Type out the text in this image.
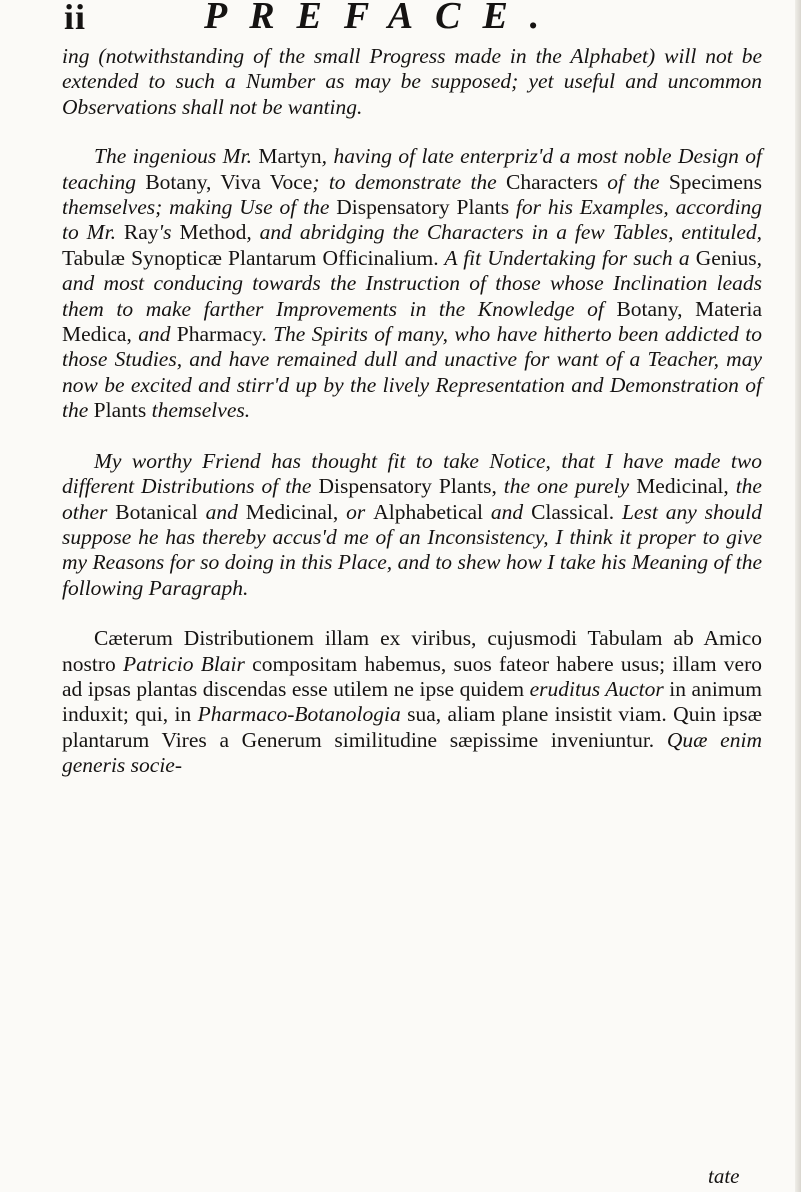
ii	PREFACE.

ing (notwithstanding of the small Progress made in the Alphabet) will not be extended to such a Number as may be supposed; yet useful and uncommon Observations shall not be wanting.

The ingenious Mr. Martyn, having of late enterpriz'd a most noble Design of teaching Botany, Viva Voce; to demonstrate the Characters of the Specimens themselves; making Use of the Dispensatory Plants for his Examples, according to Mr. Ray's Method, and abridging the Characters in a few Tables, entituled, Tabulæ Synopticæ Plantarum Officinalium. A fit Undertaking for such a Genius, and most conducing towards the Instruction of those whose Inclination leads them to make farther Improvements in the Knowledge of Botany, Materia Medica, and Pharmacy. The Spirits of many, who have hitherto been addicted to those Studies, and have remained dull and unactive for want of a Teacher, may now be excited and stirr'd up by the lively Representation and Demonstration of the Plants themselves.

My worthy Friend has thought fit to take Notice, that I have made two different Distributions of the Dispensatory Plants, the one purely Medicinal, the other Botanical and Medicinal, or Alphabetical and Classical. Lest any should suppose he has thereby accus'd me of an Inconsistency, I think it proper to give my Reasons for so doing in this Place, and to shew how I take his Meaning of the following Paragraph.

Cæterum Distributionem illam ex viribus, cujusmodi Tabulam ab Amico nostro Patricio Blair compositam habemus, suos fateor habere usus; illam vero ad ipsas plantas discendas esse utilem ne ipse quidem eruditus Auctor in animum induxit; qui, in Pharmaco-Botanologia sua, aliam plane insistit viam. Quin ipsæ plantarum Vires a Generum similitudine sæpissime inveniuntur. Quæ enim generis socie-

tate
